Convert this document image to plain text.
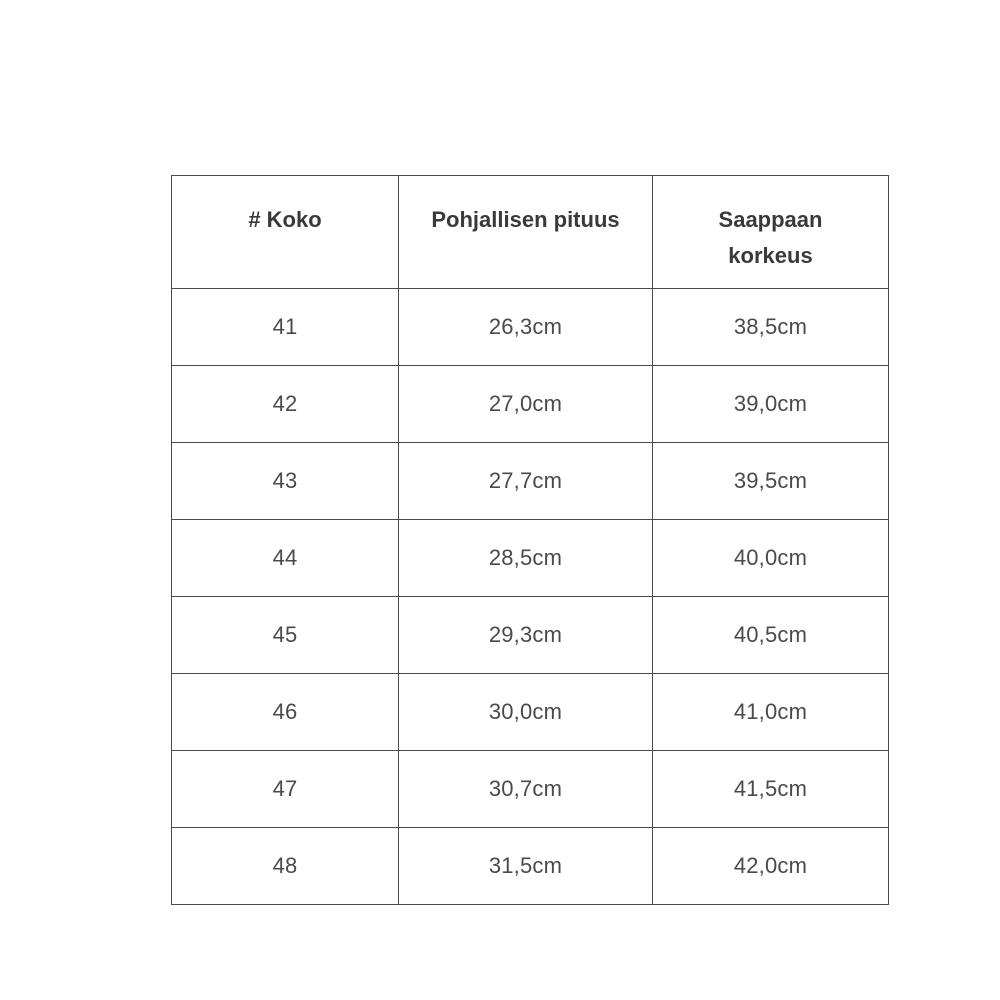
# Koko	Pohjallisen pituus	Saappaan korkeus
41	26,3cm	38,5cm
42	27,0cm	39,0cm
43	27,7cm	39,5cm
44	28,5cm	40,0cm
45	29,3cm	40,5cm
46	30,0cm	41,0cm
47	30,7cm	41,5cm
48	31,5cm	42,0cm
